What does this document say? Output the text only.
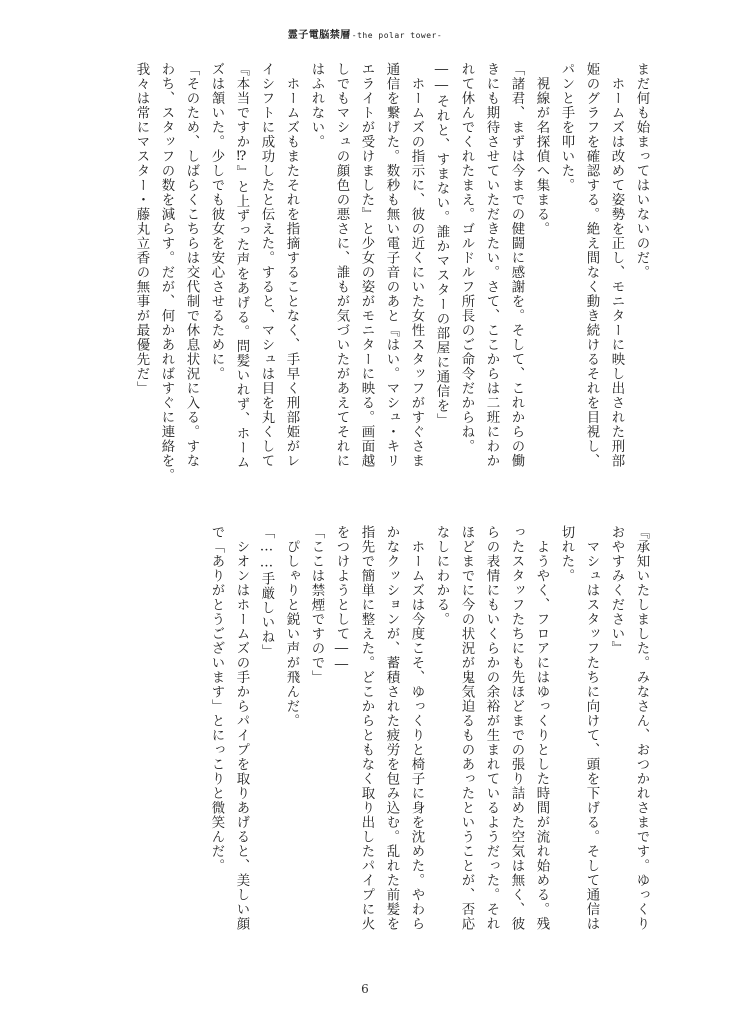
霊子電脳禁層-the polar tower-
まだ何も始まってはいないのだ。
　ホームズは改めて姿勢を正し、モニターに映し出された刑部
姫のグラフを確認する。絶え間なく動き続けるそれを目視し、
パンと手を叩いた。
　視線が名探偵へ集まる。
「諸君、まずは今までの健闘に感謝を。そして、これからの働
きにも期待させていただきたい。さて、ここからは二班にわか
れて休んでくれたまえ。ゴルドルフ所長のご命令だからね。
――それと、すまない。誰かマスターの部屋に通信を」
　ホームズの指示に、彼の近くにいた女性スタッフがすぐさま
通信を繋げた。数秒も無い電子音のあと『はい。マシュ・キリ
エライトが受けました』と少女の姿がモニターに映る。画面越
しでもマシュの顔色の悪さに、誰もが気づいたがあえてそれに
はふれない。
　ホームズもまたそれを指摘することなく、手早く刑部姫がレ
イシフトに成功したと伝えた。すると、マシュは目を丸くして
『本当ですか⁉』と上ずった声をあげる。問髪いれず、ホーム
ズは頷いた。少しでも彼女を安心させるために。
「そのため、しばらくこちらは交代制で休息状況に入る。すな
わち、スタッフの数を減らす。だが、何かあればすぐに連絡を。
我々は常にマスター・藤丸立香の無事が最優先だ」
『承知いたしました。みなさん、おつかれさまです。ゆっくり
おやすみください』
　マシュはスタッフたちに向けて、頭を下げる。そして通信は
切れた。
　ようやく、フロアにはゆっくりとした時間が流れ始める。残
ったスタッフたちにも先ほどまでの張り詰めた空気は無く、彼
らの表情にもいくらかの余裕が生まれているようだった。それ
ほどまでに今の状況が鬼気迫るものあったということが、否応
なしにわかる。
　ホームズは今度こそ、ゆっくりと椅子に身を沈めた。やわら
かなクッションが、蓄積された疲労を包み込む。乱れた前髪を
指先で簡単に整えた。どこからともなく取り出したパイプに火
をつけようとして――
「ここは禁煙ですので」
　ぴしゃりと鋭い声が飛んだ。
「……手厳しいね」
　シオンはホームズの手からパイプを取りあげると、美しい顔
で「ありがとうございます」とにっこりと微笑んだ。
6
